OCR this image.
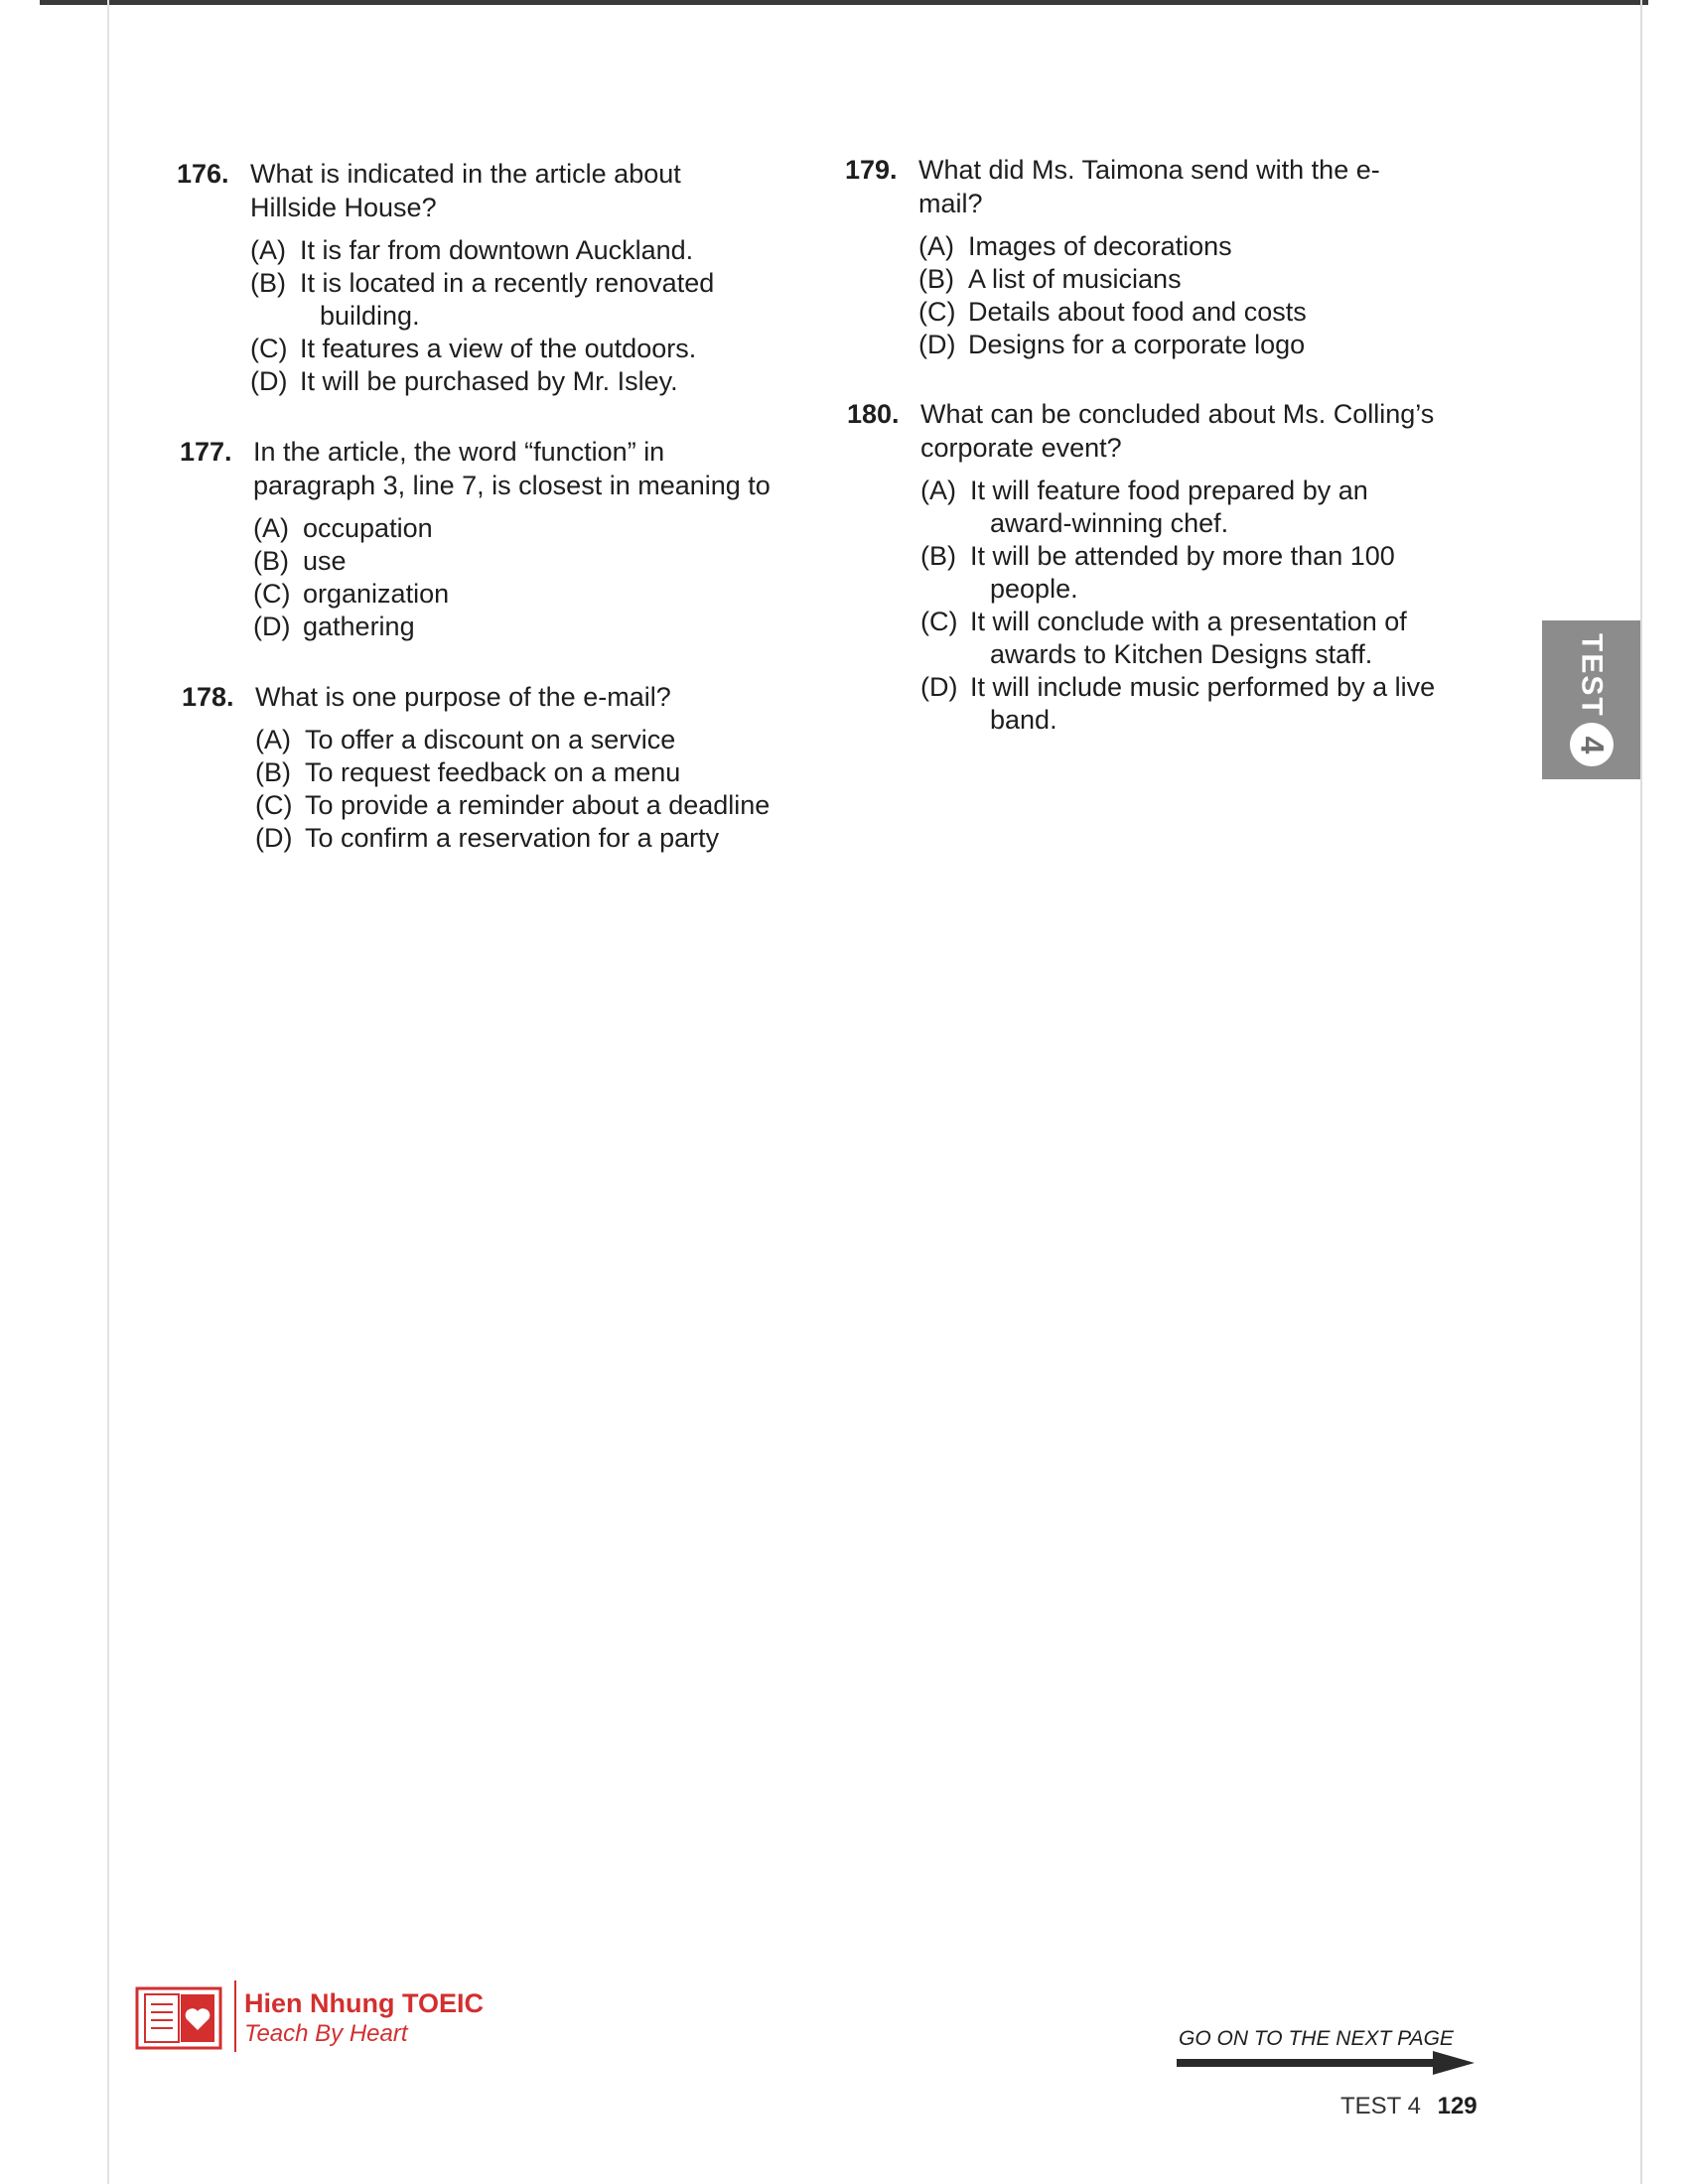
176. What is indicated in the article about Hillside House?
(A) It is far from downtown Auckland.
(B) It is located in a recently renovated building.
(C) It features a view of the outdoors.
(D) It will be purchased by Mr. Isley.
177. In the article, the word “function” in paragraph 3, line 7, is closest in meaning to
(A) occupation
(B) use
(C) organization
(D) gathering
178. What is one purpose of the e-mail?
(A) To offer a discount on a service
(B) To request feedback on a menu
(C) To provide a reminder about a deadline
(D) To confirm a reservation for a party
179. What did Ms. Taimona send with the e-mail?
(A) Images of decorations
(B) A list of musicians
(C) Details about food and costs
(D) Designs for a corporate logo
180. What can be concluded about Ms. Colling’s corporate event?
(A) It will feature food prepared by an award-winning chef.
(B) It will be attended by more than 100 people.
(C) It will conclude with a presentation of awards to Kitchen Designs staff.
(D) It will include music performed by a live band.
TEST
4
Hien Nhung TOEIC
Teach By Heart	GO ON TO THE NEXT PAGE
TEST 4 129
